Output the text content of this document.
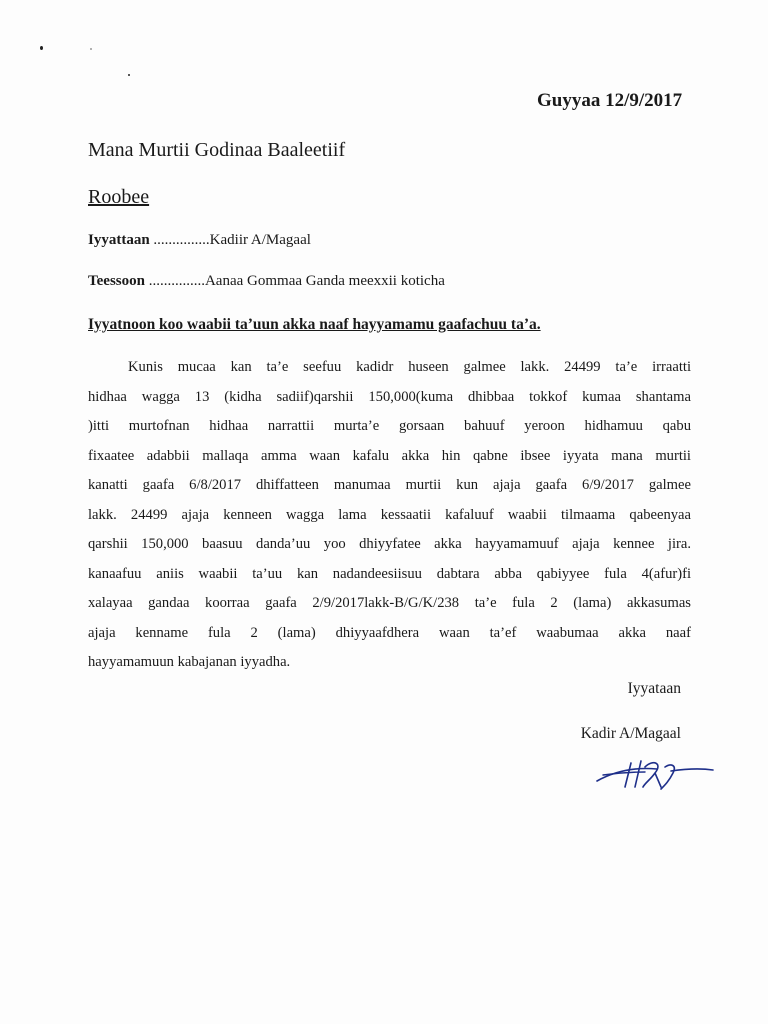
Guyyaa 12/9/2017
Mana Murtii Godinaa Baaleetiif
Roobee
Iyyattaan ...............Kadiir A/Magaal
Teessoon ...............Aanaa Gommaa Ganda meexxii koticha
Iyyatnoon koo waabii ta’uun akka naaf hayyamamu gaafachuu ta’a.
Kunis mucaa kan ta’e seefuu kadidr huseen galmee lakk. 24499 ta’e irraatti
hidhaa wagga 13 (kidha sadiif)qarshii 150,000(kuma dhibbaa tokkof kumaa shantama
)itti murtofnan hidhaa narrattii murta’e gorsaan bahuuf yeroon hidhamuu qabu
fixaatee adabbii mallaqa amma waan kafalu akka hin qabne ibsee iyyata mana murtii
kanatti gaafa 6/8/2017 dhiffatteen manumaa murtii kun ajaja gaafa 6/9/2017 galmee
lakk. 24499 ajaja kenneen wagga lama kessaatii kafaluuf waabii tilmaama qabeenyaa
qarshii 150,000 baasuu danda’uu yoo dhiyyfatee akka hayyamamuuf ajaja kennee jira.
kanaafuu aniis waabii ta’uu kan nadandeesiisuu dabtara abba qabiyyee fula 4(afur)fi
xalayaa gandaa koorraa gaafa 2/9/2017lakk-B/G/K/238 ta’e fula 2 (lama) akkasumas
ajaja kenname fula 2 (lama) dhiyyaafdhera waan ta’ef waabumaa akka naaf
hayyamamuun kabajanan iyyadha.
Iyyataan
Kadir A/Magaal
